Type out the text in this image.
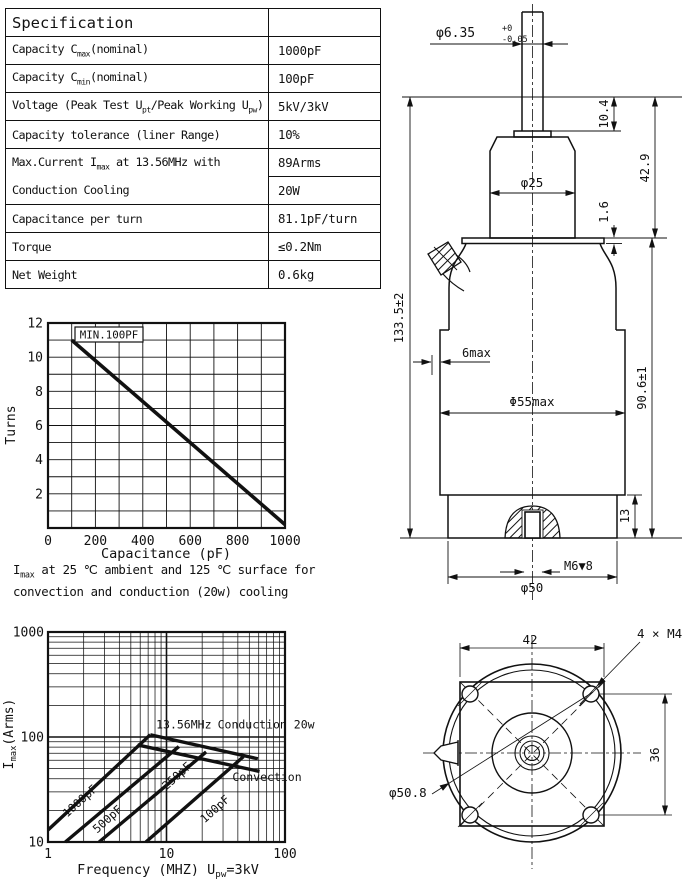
Specification	
Capacity $C_{max}(nominal)$	1000pF
Capacity $C_{min}(nominal)$	100pF
Voltage (Peak Test $U_{pt}$/Peak Working $U_{pw}$)	5kV/3kV
Capacity tolerance (liner Range)	10%
Max.Current $I_{max}$ at 13.56MHz with	89Arms
Conduction Cooling	20W
Capacitance per turn	81.1pF/turn
Torque	≤0.2Nm
Net Weight	0.6kg
MIN.100PF
2
4
6
8
10
12
0 200 400 600 800 1000
Turns
Capacitance (pF)
$I_{max}$ at 25 ℃ ambient and 125 ℃ surface for
convection and conduction (20w) cooling
1000pF
500pF
250pF
100pF
Conduction 20w
Convection
13.56MHz
10
100
1000
1	10	100
$I_{max}(Arms)$
Frequency (MHZ) $U_{pw}=3kV$
φ6.35	+0
-0.05
10.4
42.9
φ25
1.6
133.5±2
6max
Φ55max	90.6±1
13
M6▼8
φ50
42	4 × M4
36
φ50.8
